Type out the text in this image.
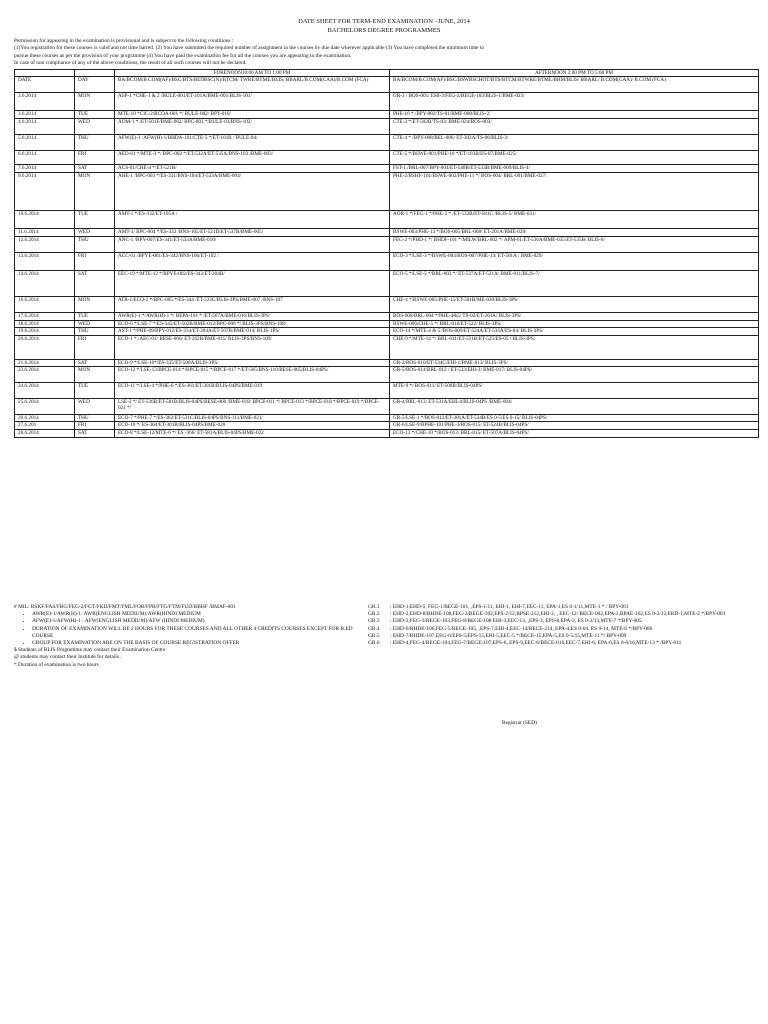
DATE SHEET FOR TERM-END EXAMINATION –JUNE, 2014
BACHELORS DEGREE PROGRAMMES
Permission for appearing in the examination is provisional and is subject to the following conditions :
(1)You registration for these courses is valid and not time barred. (2) You have submitted the required number of assignment in the courses by due date wherever applicable (3) You have completed the minimum time to
pursue these courses as per the provision of your programme (4) You have paid the examination fee for all the courses you are appearing in the examination.
In case of non compliance of any of the above conditions, the result of all such courses will not be declared.
		FORENOON10:00 AM TO 1:00 PM	AFTERNOON 2:00 PM TO 5:00 PM
DATE	DAY	BA/BCOM/B.COM(AF)/BSC/BTS/BEDBSC(N)/BTCM/ TWRE/BTME/BLIS/ BBARL/B.COM(CAA)/B.COM (FCA)	BA/BCOM/B.COM(AF)/BSC/BSWBSCHOT/BTS/BTCM/BTWRE/BTME/BHM/BLIS/ BBARL/ B.COM(CAA)/ B.COM (FCA)
2.6.2014	MON	ASP-1 *CHE-1 & 2 /BULE-001/ET-101A/BME-001/BLIS-101/	GR-3 / BOS-001/ EHI-3/FEG-2/BEGE-103/BLIS-1/BME-023/
3.6.2014	TUE	MTE-10 *CIC-2/BCOA-001 */ BULE-002/ BPY-010/	PHE-16 * /BPY-002/TS-01/BME-008/BLIS-2/
4.6.2014	WED	AOM-1 * /ET-501F/BME-002/ BPC-001 */BULE-03/BNS-102/	CTE-3 */ET-502B/TS-03/ BME-024/BOS-003/
5.6.2014	THU	AFW(E)-1 /AFW(H)-1/BHDA-101/CTE-5 */ET-101B / BULE-04/	CTE-4 * /BPY-008/BEL-006/ ET-302A/TS-06/BLIS-3/
6.6.2014	FRI	AED-01 */MTE-3 */ BPC-002 */ET-532A/ET-535A/BNS-103 /BME-003/	CTE-5 */BSWE-001/PHE-10 */ET-103B/ES-07/BME-025/
7.6.2014	SAT	ACS-01/CHE-4 */ET-521B/	FST-1 /BRL-007/BPY-004/ET-540B/ET-533B/BME-009/BLIS-4/
9.6.2014	MON	AHE-1 /BPC-003 */ES-331/BNS-104/ET-533A/BME-004/	PHE-2/BSHF-101/BSWE-002/PHE-11 */ BOS-004/ BRL-001/BME-027/
10.6.2014	TUE	AMT-1 */ES-332/ET-105A /	AOR-1 */FEG-1 */PHE-2 * /ET-532B/ET-581C /BLIS-5/ BME-031/
11.6.2014	WED	AMT-1/ BPC-004 */ES-333 /BNS-105/ET-521D/ET-537B/BME-005/	BSWE-003/PHE-13 */BOS-005/BRL-008/ ET-201A/BME-028/
12.6.2014	THU	ANC-1 /BPY-007/ES-341/ET-533A/BME-010/	FEG-2 */PHD-1 */ BHDF-101 */MILW/BRL-002 */ APM-01/ET-536A/BME-035/ET-535B/ BLIS-6/
13.6.2014	FRI	ACC-01 /BPYE-001/ES-342/BNS-106/ET-102 /	ECO-3 */LSE-3 */BSWE-004/BOS-007/PHE-14/ ET-501A / BME-029/
14.6.2014	SAT	EEC-19 */MTE-12 */BPYE-002/ES-343/ET-204B/	ECO-5 */LSE-5 */BRL-003 */ ET-537A/ET-521A/ BME-011/BLIS-7/
16.6.2014	MON	ATR-1/ECO-2 */BPC-005 */ES-344 /ET-523C/BLIS-3PS/BME-007 /BNS-107	CHE-4 */BSWE-005/PHE-15/ET-501B/ME-030/BLIS-3PS/
17.6.2014	TUE	AWR(E)-1 */AWR(H)-1 */ BEPA-101 * /ET-507A/BME-016/BLIS-3PS/	BOS-008/BRL-004 */PHE-4&5/ TS-02/ET-203A/ BLIS-3PS/
18.6.2014	WED	ECO-6 */LSE-7 */ES-345/ET-502B/BME-012/BPC-006 */ BLIS-3PS/BNS-108/	BSWE-006/CHE-5 */ BRL-010/ET-522/ BLIS-3PS/
19.6.2014	THU	AST-1 */PHE-09/BPY-012/ES-334/ET-204A/ET-507B/BME-014/ BLIS-1PS/	ECO-14 */MTE-4 & 5 /BOS-009/ET-524A/ET-534A/ES-04/ BLIS-3PS/
20.6.2014	FRI	ECO-1 * /AEC-01/ BESE-066/ ET-202B/BME-015/ BLIS-3PS/BNS-109/	CHE-9 */MTE-14 */ BRL-011/ET-531B/ET-525/ES-05 / BLIS-3PS/
21.6.2014	SAT	ECO-9 */LSE-10*/ES-335/ET-508A/BLIS-3PS/	GR-2/BOS-010/ET-534C/EHI-1/BME-013/ BLIS-3PS/
23.6.2014	MON	ECO-12 */LSE-13/BPCE-014 */BPCE-015 */BPCE-017 */ET-505/BNS-110/BESE-065/BLIS-04PS/	GR-5/BOS-014/BRL-012 / ET-523/EHI-2/ BME-017/ BLIS-04PS/
24.6.2014	TUE	ECO-11 */LSE-4 */PHE-6 */ES-361/ET-301B/BLIS-04PS/BME-019	MTE-9 */ BOS-011/ ET-508B/BLIS-04PS/
25.6.2014	WED	LSE-2 */ ET-536B/ET-581B/BLIS-04PS/BESE-066 /BME-018/ BPCE-011 */ BPCE-013 */BPCE-018 */BPCE-019 */BPCE-021 */	GR-4/BRL-013/ ET-531A/EHI-4/BLIS-04PS /BME-004/
26.6.2014	THU	ECO-7 */PHE-7 */ES-362/ET-531C/BLIS-04PS/BNS-111/BME-021/	GR-5/LSE-1 */BOS-012/ET-301A/ET-534B/ES 0-5/ES 0-15/ BLIS-04PS/
27.6.201	FRI	ECO-10 */ ES-364/ET-301B/BLIS-04PS/BME-020	GR-6/LSE-9/BPHE-101/PHE-3/BOS-015/ ET-524B/BLIS-04PS/
28.6.2014	SAT	ECO-8 */LSE-12/MTE-6 */ ES -366/ ET-581A/BLIS-04PS/BME-022	ECO-13 */CHE-10 */BOS-013/ BRL-015/ ET-507A/BLIS-04PS/
# MIL: BSKF/FAS/FBG/FEG-2/FGT/FKD/FMT/FML/FOR/FPB/FTG/FTM/FUD/BBHF /BMAF-001
• AWR(E)-1/AWR(H)-1: AWR(ENGLISH MEDIUM)/AWR(HINDI MEDIUM
• AFW(E)-1/AFW(H)-1 : AFW(ENGLISH MEDIUM)/AFW (HINDI MEDIUM)
• DURATION OF EXAMINATION WILL BE 2 HOURS FOR THESE COURSES AND ALL OTHER 4 CREDITS COURSES EXCEPT FOR B.ED COURSE
• GROUP FOR EXAMINATION ARE ON THE BASIS OF COURSE REGISTRATION OFFER
$ Students of BLIS Programme may contact their Examination Centre
@ students may contact their Institute for details .
* Duration of examination is two hours
GR.1	: EHD-1,EHD-5, FEG-1/BEGE-101, ,EPS-1/11, EHI-1, EHI-7,EEC-11, EPA-1,ES 0-1/11,MTE-1 * / BPY-001
GR.2	: EHD-2,EHD-8/BHDE-108,FEG-2/BEGE-102,EPS-2/12,BPSE-212,EHI-2, , EEC-12/ BECE-002,EPA-2,BPAE-102,ES 0-2/12,ERD-1,MTE-2 */BPY-003
GR.3	: EHD-3,FEG-3/BEGE-103,FEG-8/BEGE-108 EHI-3,EEC-13, ,EPS-3, EPS-8,EPA-3, ES 0-3/13,MTE-7 */BPY-005
GR.4	: EHD-6/BHDE-106,FEG-5/BEGE-105, ,EPS-7,EHI-4,EEC-14/BECE-214, EPA-4,ES 0-04, ES 0-14, MTE-8 */BPY-006
GR.5	: EHD-7/BHDE-107,EEG-6/EPS-5/EPS-15,EHI-5,EEC-5 */BECE-15,EPA-5,ES 0-5/15,MTE-11 */ BPY-009
GR.6	: EHD-4,FEG-4/BEGE-104,FEG-7/BEGE-107,EPS-6, EPS-9,EEC-6/BECE-016,EEC-7,EHI-6, EPA-6,ES 0-6/16,MTE-13 * /BPY-011
Registrar (SED)
